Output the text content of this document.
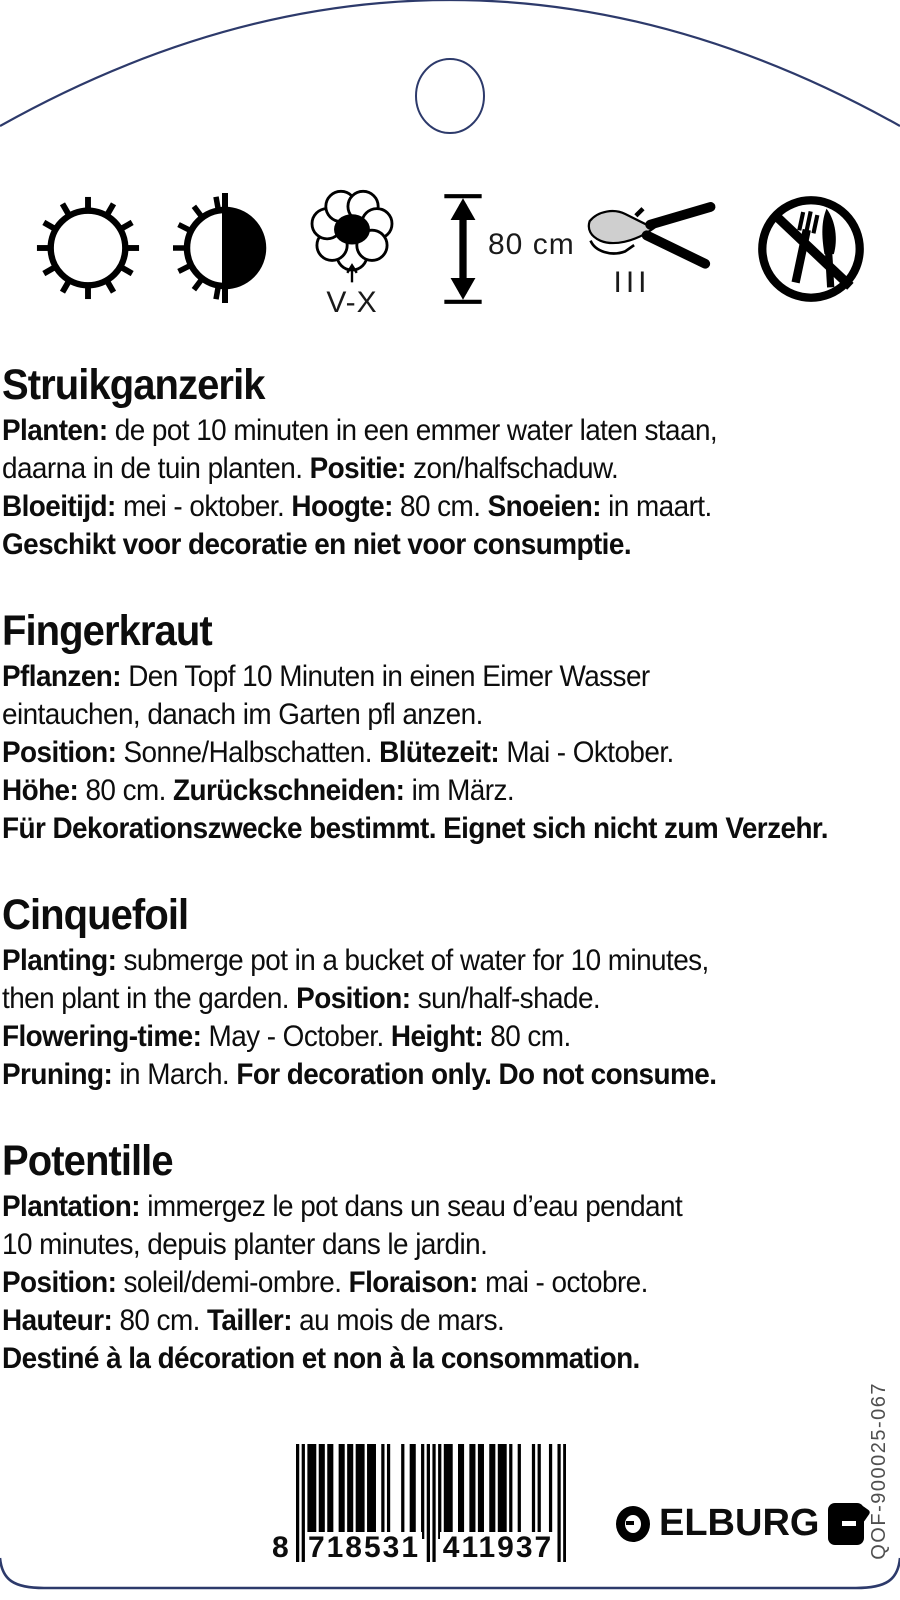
V-X
80 cm
III
Struikganzerik
Planten: de pot 10 minuten in een emmer water laten staan,
daarna in de tuin planten. Positie: zon/halfschaduw.
Bloeitijd: mei - oktober. Hoogte: 80 cm. Snoeien: in maart.
Geschikt voor decoratie en niet voor consumptie.
Fingerkraut
Pflanzen: Den Topf 10 Minuten in einen Eimer Wasser
eintauchen, danach im Garten pfl anzen.
Position: Sonne/Halbschatten. Blütezeit: Mai - Oktober.
Höhe: 80 cm. Zurückschneiden: im März.
Für Dekorationszwecke bestimmt. Eignet sich nicht zum Verzehr.
Cinquefoil
Planting: submerge pot in a bucket of water for 10 minutes,
then plant in the garden. Position: sun/half-shade.
Flowering-time: May - October. Height: 80 cm.
Pruning: in March. For decoration only. Do not consume.
Potentille
Plantation: immergez le pot dans un seau d’eau pendant
10 minutes, depuis planter dans le jardin.
Position: soleil/demi-ombre. Floraison: mai - octobre.
Hauteur: 80 cm. Tailler: au mois de mars.
Destiné à la décoration et non à la consommation.
8 718531 411937
ELBURG QOF-900025-067
